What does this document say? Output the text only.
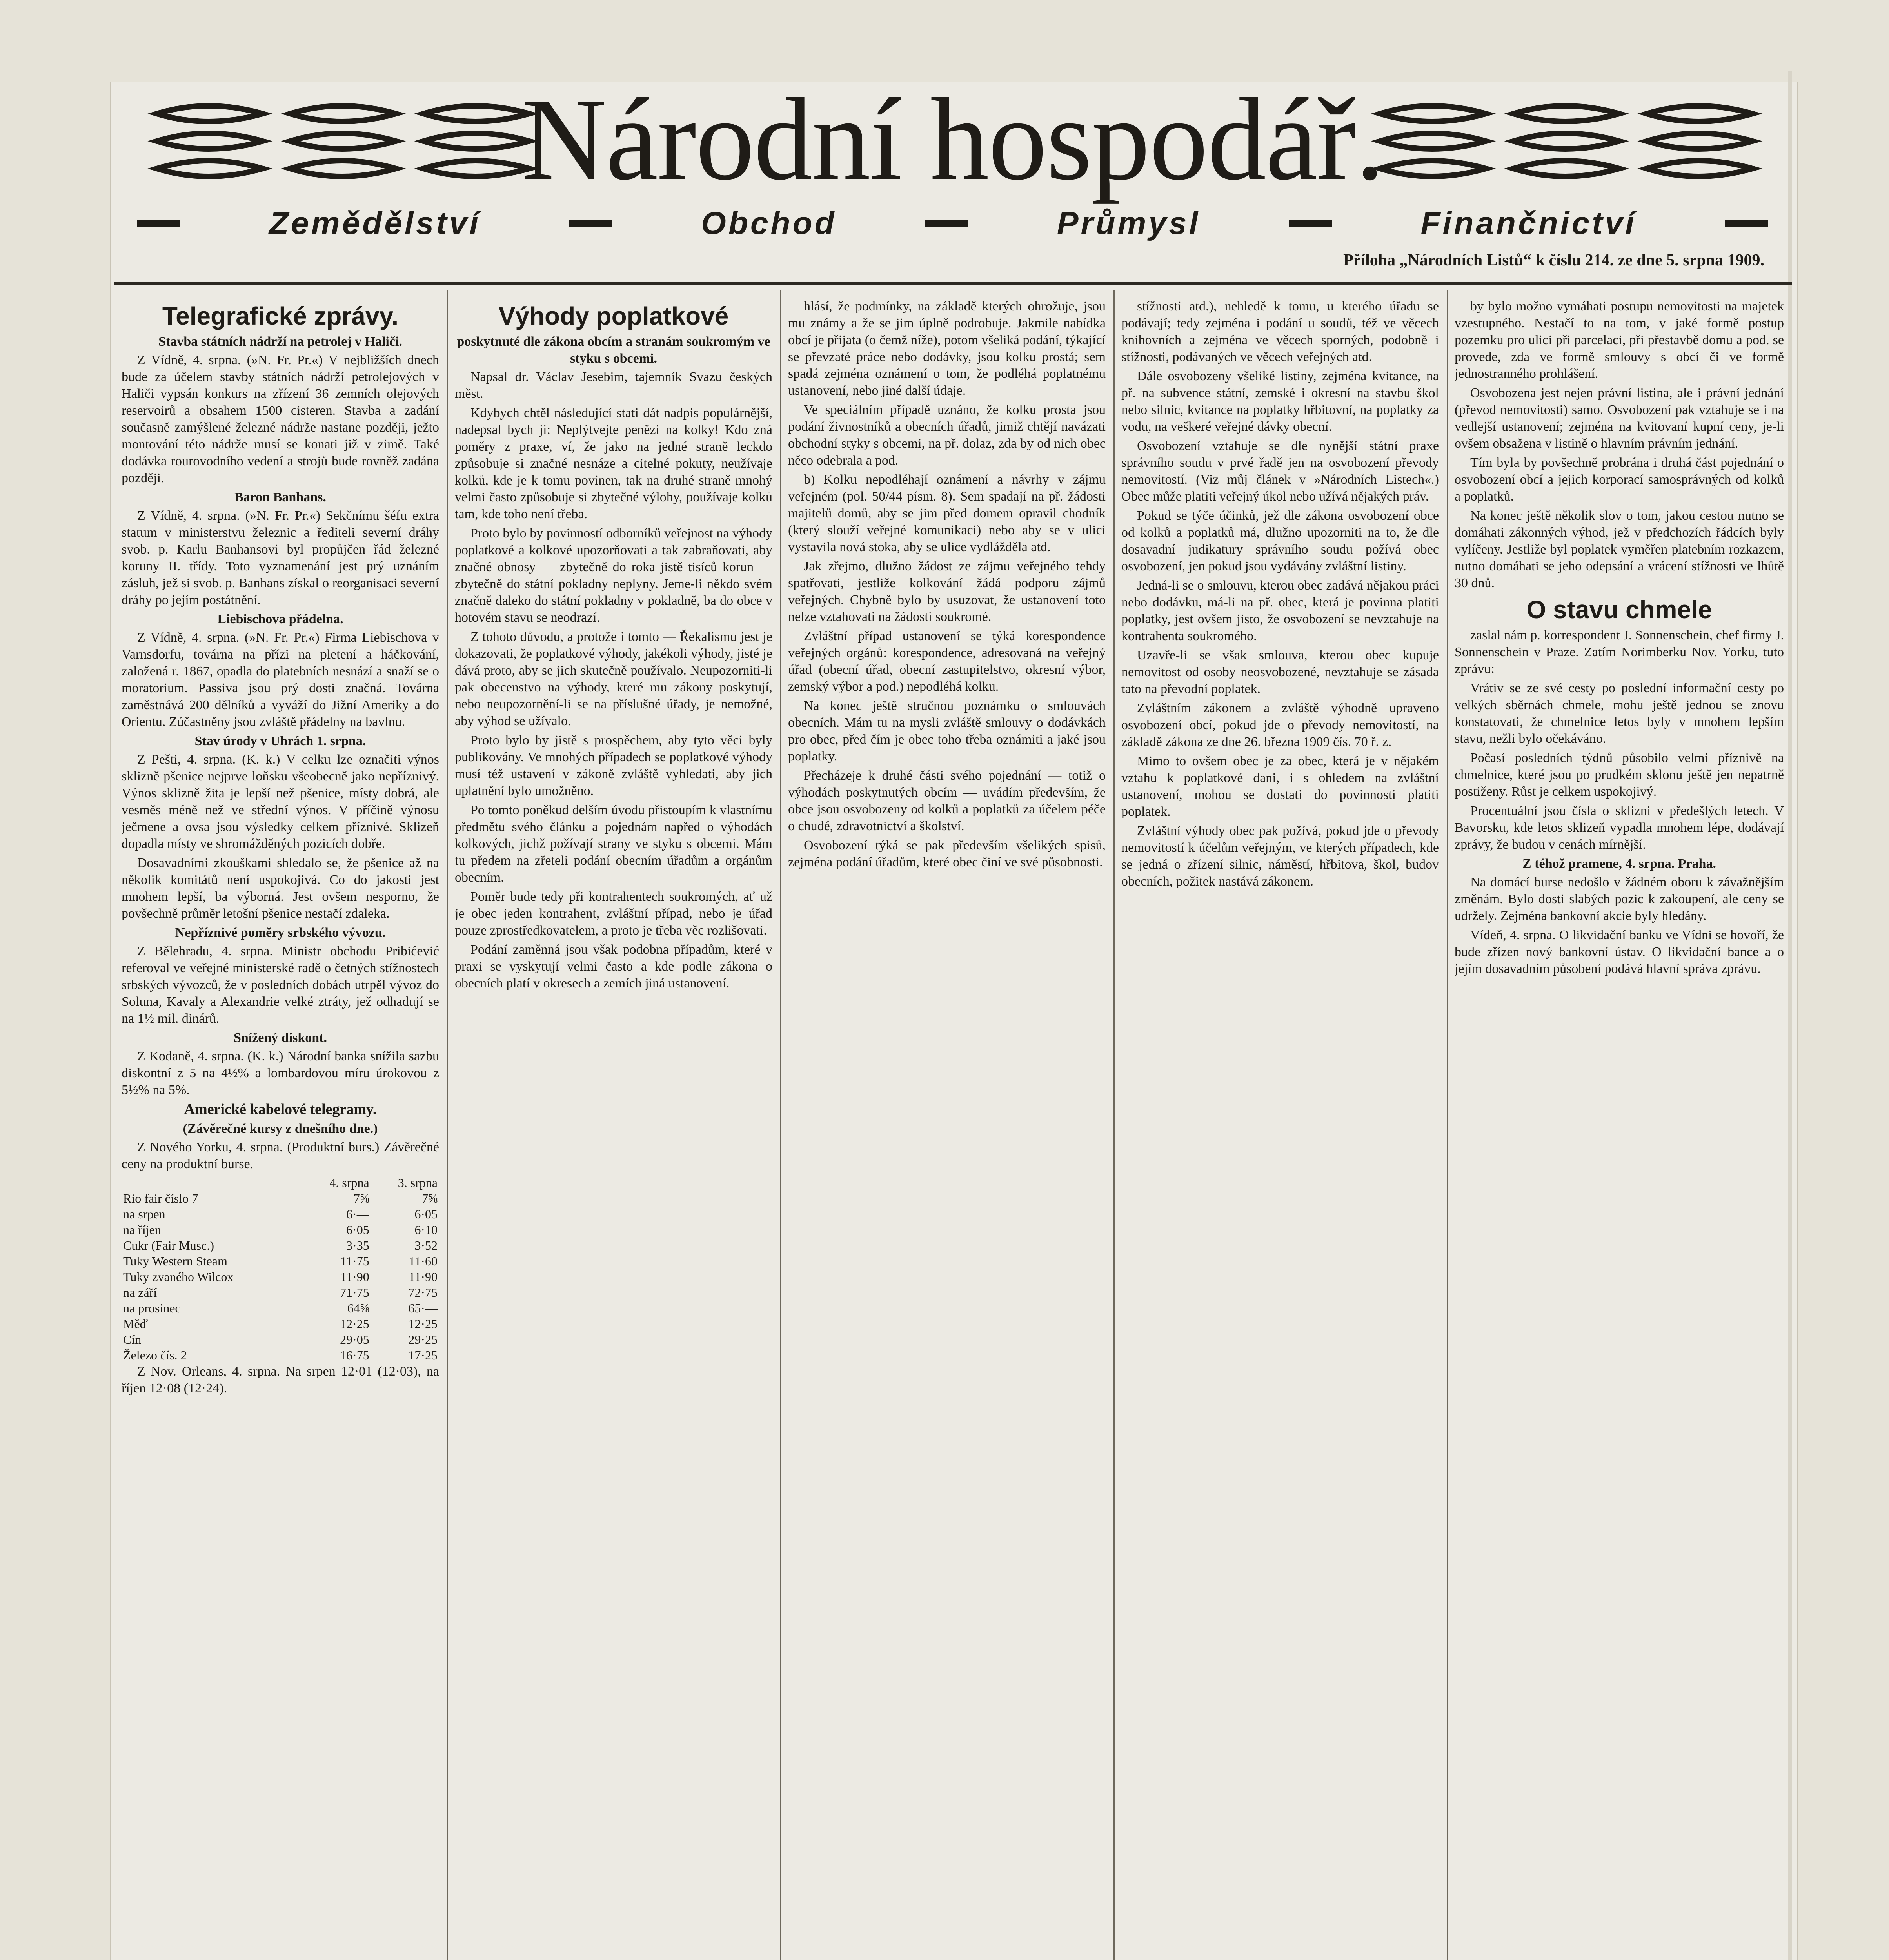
Národní hospodář.
Zemědělství	Obchod	Průmysl	Finančnictví
Příloha „Národních Listů“ k číslu 214. ze dne 5. srpna 1909.
Telegrafické zprávy.
Stavba státních nádrží na petrolej v Haliči.

Z Vídně, 4. srpna. (»N. Fr. Pr.«) V nejbližších dnech bude za účelem stavby státních nádrží petrolejových v Haliči vypsán konkurs na zřízení 36 zemních olejových reservoirů a obsahem 1500 cisteren. Stavba a zadání současně zamýšlené železné nádrže nastane později, ježto montování této nádrže musí se konati již v zimě. Také dodávka rourovodního vedení a strojů bude rovněž zadána později.

Baron Banhans.

Z Vídně, 4. srpna. (»N. Fr. Pr.«) Sekčnímu šéfu extra statum v ministerstvu železnic a řediteli severní dráhy svob. p. Karlu Banhansovi byl propůjčen řád železné koruny II. třídy. Toto vyznamenání jest prý uznáním zásluh, jež si svob. p. Banhans získal o reorganisaci severní dráhy po jejím postátnění.

Liebischova přádelna.

Z Vídně, 4. srpna. (»N. Fr. Pr.«) Firma Liebischova v Varnsdorfu, továrna na přízi na pletení a háčkování, založená r. 1867, opadla do platebních nesnází a snaží se o moratorium. Passiva jsou prý dosti značná. Továrna zaměstnává 200 dělníků a vyváží do Jižní Ameriky a do Orientu. Zúčastněny jsou zvláště přádelny na bavlnu.

Stav úrody v Uhrách 1. srpna.

Z Pešti, 4. srpna. (K. k.) V celku lze označiti výnos sklizně pšenice nejprve loňsku všeobecně jako nepříznivý. Výnos sklizně žita je lepší než pšenice, místy dobrá, ale vesměs méně než ve střední výnos. V příčině výnosu ječmene a ovsa jsou výsledky celkem příznivé. Sklizeň dopadla místy ve shromážděných pozicích dobře.

Dosavadními zkouškami shledalo se, že pšenice až na několik komitátů není uspokojivá. Co do jakosti jest mnohem lepší, ba výborná. Jest ovšem nesporno, že povšechně průměr letošní pšenice nestačí zdaleka.

Nepříznivé poměry srbského vývozu.

Z Bělehradu, 4. srpna. Ministr obchodu Pribićević referoval ve veřejné ministerské radě o četných stížnostech srbských vývozců, že v posledních dobách utrpěl vývoz do Soluna, Kavaly a Alexandrie velké ztráty, jež odhadují se na 1½ mil. dinárů.

Snížený diskont.

Z Kodaně, 4. srpna. (K. k.) Národní banka snížila sazbu diskontní z 5 na 4½% a lombardovou míru úrokovou z 5½% na 5%.

Americké kabelové telegramy.
(Závěrečné kursy z dnešního dne.)

Z Nového Yorku, 4. srpna. (Produktní burs.) Závěrečné ceny na produktní burse.

	4. srpna	3. srpna
Rio fair číslo 7	7⅝	7⅝
na srpen	6·—	6·05
na říjen	6·05	6·10
Cukr (Fair Musc.)	3·35	3·52
Tuky Western Steam	11·75	11·60
Tuky zvaného Wilcox	11·90	11·90
na září	71·75	72·75
na prosinec	64⅝	65·—
Měď	12·25	12·25
Cín	29·05	29·25
Železo čís. 2	16·75	17·25

Z Nov. Orleans, 4. srpna. Na srpen 12·01 (12·03), na říjen 12·08 (12·24).

Výhody poplatkové
poskytnuté dle zákona obcím a stranám soukromým ve styku s obcemi.

Napsal dr. Václav Jesebim, tajemník Svazu českých měst.

Kdybych chtěl následující stati dát nadpis populárnější, nadepsal bych ji: Neplýtvejte penězi na kolky! Kdo zná poměry z praxe, ví, že jako na jedné straně leckdo způsobuje si značné nesnáze a citelné pokuty, neužívaje kolků, kde je k tomu povinen, tak na druhé straně mnohý velmi často způsobuje si zbytečné výlohy, používaje kolků tam, kde toho není třeba.

Proto bylo by povinností odborníků veřejnost na výhody poplatkové a kolkové upozorňovati a tak zabraňovati, aby značné obnosy — zbytečně do roka jistě tisíců korun — zbytečně do státní pokladny neplyny. Jeme-li někdo svém značně daleko do státní pokladny v pokladně, ba do obce v hotovém stavu se neodrazí.

Z tohoto důvodu, a protože i tomto — Řekalismu jest je dokazovati, že poplatkové výhody, jakékoli výhody, jisté je dává proto, aby se jich skutečně používalo. Neupozorniti-li pak obecenstvo na výhody, které mu zákony poskytují, nebo neupozornění-li se na příslušné úřady, je nemožné, aby výhod se užívalo.

Proto bylo by jistě s prospěchem, aby tyto věci byly publikovány. Ve mnohých případech se poplatkové výhody musí též ustavení v zákoně zvláště vyhledati, aby jich uplatnění bylo umožněno.

Po tomto poněkud delším úvodu přistoupím k vlastnímu předmětu svého článku a pojednám napřed o výhodách kolkových, jichž požívají strany ve styku s obcemi. Mám tu předem na zřeteli podání obecním úřadům a orgánům obecním.

Poměr bude tedy při kontrahentech soukromých, ať už je obec jeden kontrahent, zvláštní případ, nebo je úřad pouze zprostředkovatelem, a proto je třeba věc rozlišovati.

Podání zaměnná jsou však podobna případům, které v praxi se vyskytují velmi často a kde podle zákona o obecních platí v okresech a zemích jiná ustanovení.

hlásí, že podmínky, na základě kterých ohrožuje, jsou mu známy a že se jim úplně podrobuje. Jakmile nabídka obcí je přijata (o čemž níže), potom všeliká podání, týkající se převzaté práce nebo dodávky, jsou kolku prostá; sem spadá zejména oznámení o tom, že podléhá poplatnému ustanovení, nebo jiné další údaje.

Ve speciálním případě uznáno, že kolku prosta jsou podání živnostníků a obecních úřadů, jimiž chtějí navázati obchodní styky s obcemi, na př. dolaz, zda by od nich obec něco odebrala a pod.

b) Kolku nepodléhají oznámení a návrhy v zájmu veřejném (pol. 50/44 písm. 8). Sem spadají na př. žádosti majitelů domů, aby se jim před domem opravil chodník (který slouží veřejné komunikaci) nebo aby se v ulici vystavila nová stoka, aby se ulice vydlážděla atd.

Jak zřejmo, dlužno žádost ze zájmu veřejného tehdy spatřovati, jestliže kolkování žádá podporu zájmů veřejných. Chybně bylo by usuzovat, že ustanovení toto nelze vztahovati na žádosti soukromé.

Zvláštní případ ustanovení se týká korespondence veřejných orgánů: korespondence, adresovaná na veřejný úřad (obecní úřad, obecní zastupitelstvo, okresní výbor, zemský výbor a pod.) nepodléhá kolku.

Na konec ještě stručnou poznámku o smlouvách obecních. Mám tu na mysli zvláště smlouvy o dodávkách pro obec, před čím je obec toho třeba oznámiti a jaké jsou poplatky.

Přecházeje k druhé části svého pojednání — totiž o výhodách poskytnutých obcím — uvádím především, že obce jsou osvobozeny od kolků a poplatků za účelem péče o chudé, zdravotnictví a školství.

Osvobození týká se pak především všelikých spisů, zejména podání úřadům, které obec činí ve své působnosti.

stížnosti atd.), nehledě k tomu, u kterého úřadu se podávají; tedy zejména i podání u soudů, též ve věcech knihovních a zejména ve věcech sporných, podobně i stížnosti, podávaných ve věcech veřejných atd.

Dále osvobozeny všeliké listiny, zejména kvitance, na př. na subvence státní, zemské i okresní na stavbu škol nebo silnic, kvitance na poplatky hřbitovní, na poplatky za vodu, na veškeré veřejné dávky obecní.

Osvobození vztahuje se dle nynější státní praxe správního soudu v prvé řadě jen na osvobození převody nemovitostí. (Viz můj článek v »Národních Listech«.) Obec může platiti veřejný úkol nebo užívá nějakých práv.

Pokud se týče účinků, jež dle zákona osvobození obce od kolků a poplatků má, dlužno upozorniti na to, že dle dosavadní judikatury správního soudu požívá obec osvobození, jen pokud jsou vydávány zvláštní listiny.

Jedná-li se o smlouvu, kterou obec zadává nějakou práci nebo dodávku, má-li na př. obec, která je povinna platiti poplatky, jest ovšem jisto, že osvobození se nevztahuje na kontrahenta soukromého.

Uzavře-li se však smlouva, kterou obec kupuje nemovitost od osoby neosvobozené, nevztahuje se zásada tato na převodní poplatek.

Zvláštním zákonem a zvláště výhodně upraveno osvobození obcí, pokud jde o převody nemovitostí, na základě zákona ze dne 26. března 1909 čís. 70 ř. z.

Mimo to ovšem obec je za obec, která je v nějakém vztahu k poplatkové dani, i s ohledem na zvláštní ustanovení, mohou se dostati do povinnosti platiti poplatek.

Zvláštní výhody obec pak požívá, pokud jde o převody nemovitostí k účelům veřejným, ve kterých případech, kde se jedná o zřízení silnic, náměstí, hřbitova, škol, budov obecních, požitek nastává zákonem.

by bylo možno vymáhati postupu nemovitosti na majetek vzestupného. Nestačí to na tom, v jaké formě postup pozemku pro ulici při parcelaci, při přestavbě domu a pod. se provede, zda ve formě smlouvy s obcí či ve formě jednostranného prohlášení.

Osvobozena jest nejen právní listina, ale i právní jednání (převod nemovitosti) samo. Osvobození pak vztahuje se i na vedlejší ustanovení; zejména na kvitovaní kupní ceny, je-li ovšem obsažena v listině o hlavním právním jednání.

Tím byla by povšechně probrána i druhá část pojednání o osvobození obcí a jejich korporací samosprávných od kolků a poplatků.

Na konec ještě několik slov o tom, jakou cestou nutno se domáhati zákonných výhod, jež v předchozích řádcích byly vylíčeny. Jestliže byl poplatek vyměřen platebním rozkazem, nutno domáhati se jeho odepsání a vrácení stížnosti ve lhůtě 30 dnů.

O stavu chmele

zaslal nám p. korrespondent J. Sonnenschein, chef firmy J. Sonnenschein v Praze. Zatím Norimberku Nov. Yorku, tuto zprávu:

Vrátiv se ze své cesty po poslední informační cesty po velkých sběrnách chmele, mohu ještě jednou se znovu konstatovati, že chmelnice letos byly v mnohem lepším stavu, nežli bylo očekáváno.

Počasí posledních týdnů působilo velmi příznivě na chmelnice, které jsou po prudkém sklonu ještě jen nepatrně postiženy. Růst je celkem uspokojivý.

Procentuální jsou čísla o sklizni v předešlých letech. V Bavorsku, kde letos sklizeň vypadla mnohem lépe, dodávají zprávy, že budou v cenách mírnější.

Z téhož pramene, 4. srpna. Praha.

Na domácí burse nedošlo v žádném oboru k závažnějším změnám. Bylo dosti slabých pozic k zakoupení, ale ceny se udržely. Zejména bankovní akcie byly hledány.

Vídeň, 4. srpna. O likvidační banku ve Vídni se hovoří, že bude zřízen nový bankovní ústav. O likvidační bance a o jejím dosavadním působení podává hlavní správa zprávu.
